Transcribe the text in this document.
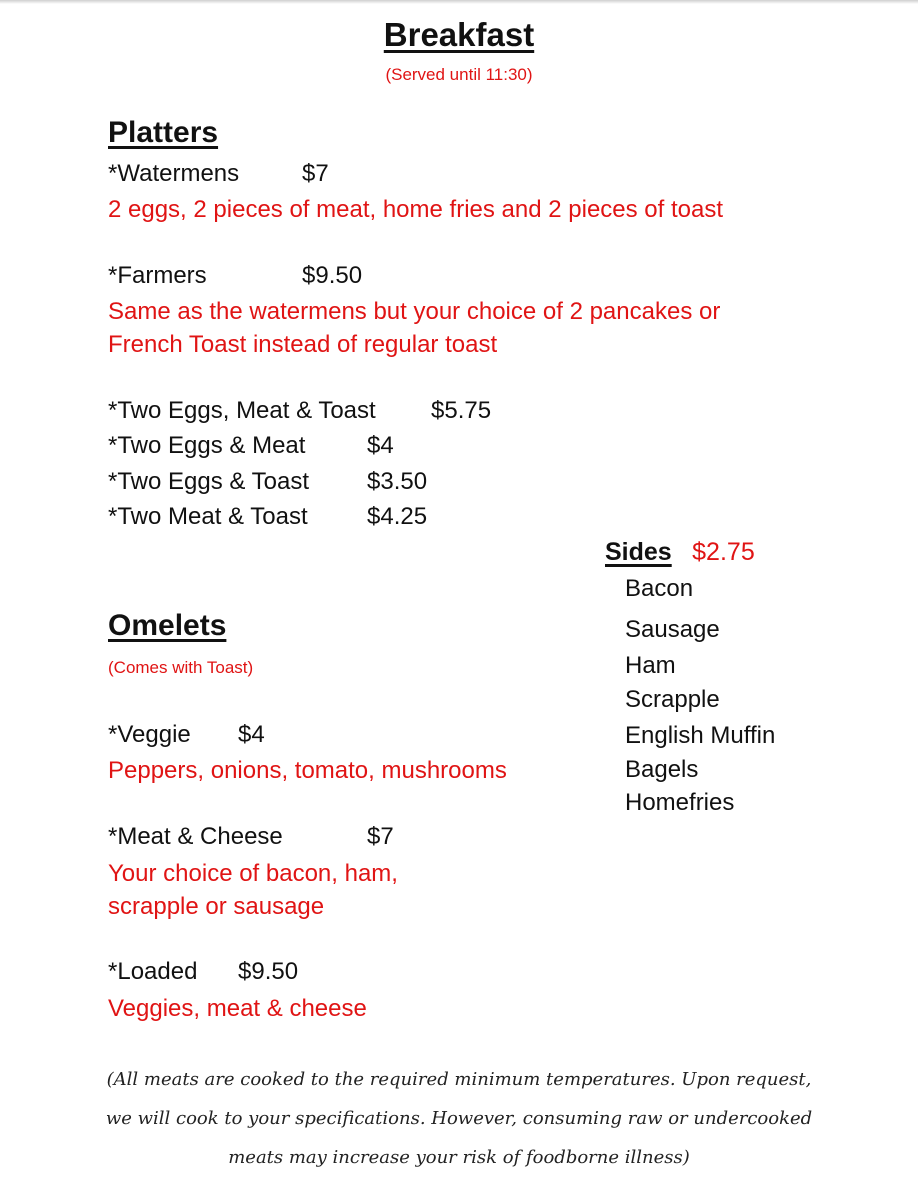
Breakfast
(Served until 11:30)
Platters
*Watermens	$7
2 eggs, 2 pieces of meat, home fries and 2 pieces of toast
*Farmers	$9.50
Same as the watermens but your choice of 2 pancakes or
French Toast instead of regular toast
*Two Eggs, Meat & Toast $5.75
*Two Eggs & Meat	$4
*Two Eggs & Toast $3.50
*Two Meat & Toast $4.25
Sides $2.75
Bacon
Sausage
Ham
Scrapple
English Muffin
Bagels
Homefries
Omelets
(Comes with Toast)
*Veggie $4
Peppers, onions, tomato, mushrooms
*Meat & Cheese	$7
Your choice of bacon, ham,
scrapple or sausage
*Loaded $9.50
Veggies, meat & cheese
(All meats are cooked to the required minimum temperatures. Upon request,
we will cook to your specifications. However, consuming raw or undercooked
meats may increase your risk of foodborne illness)
